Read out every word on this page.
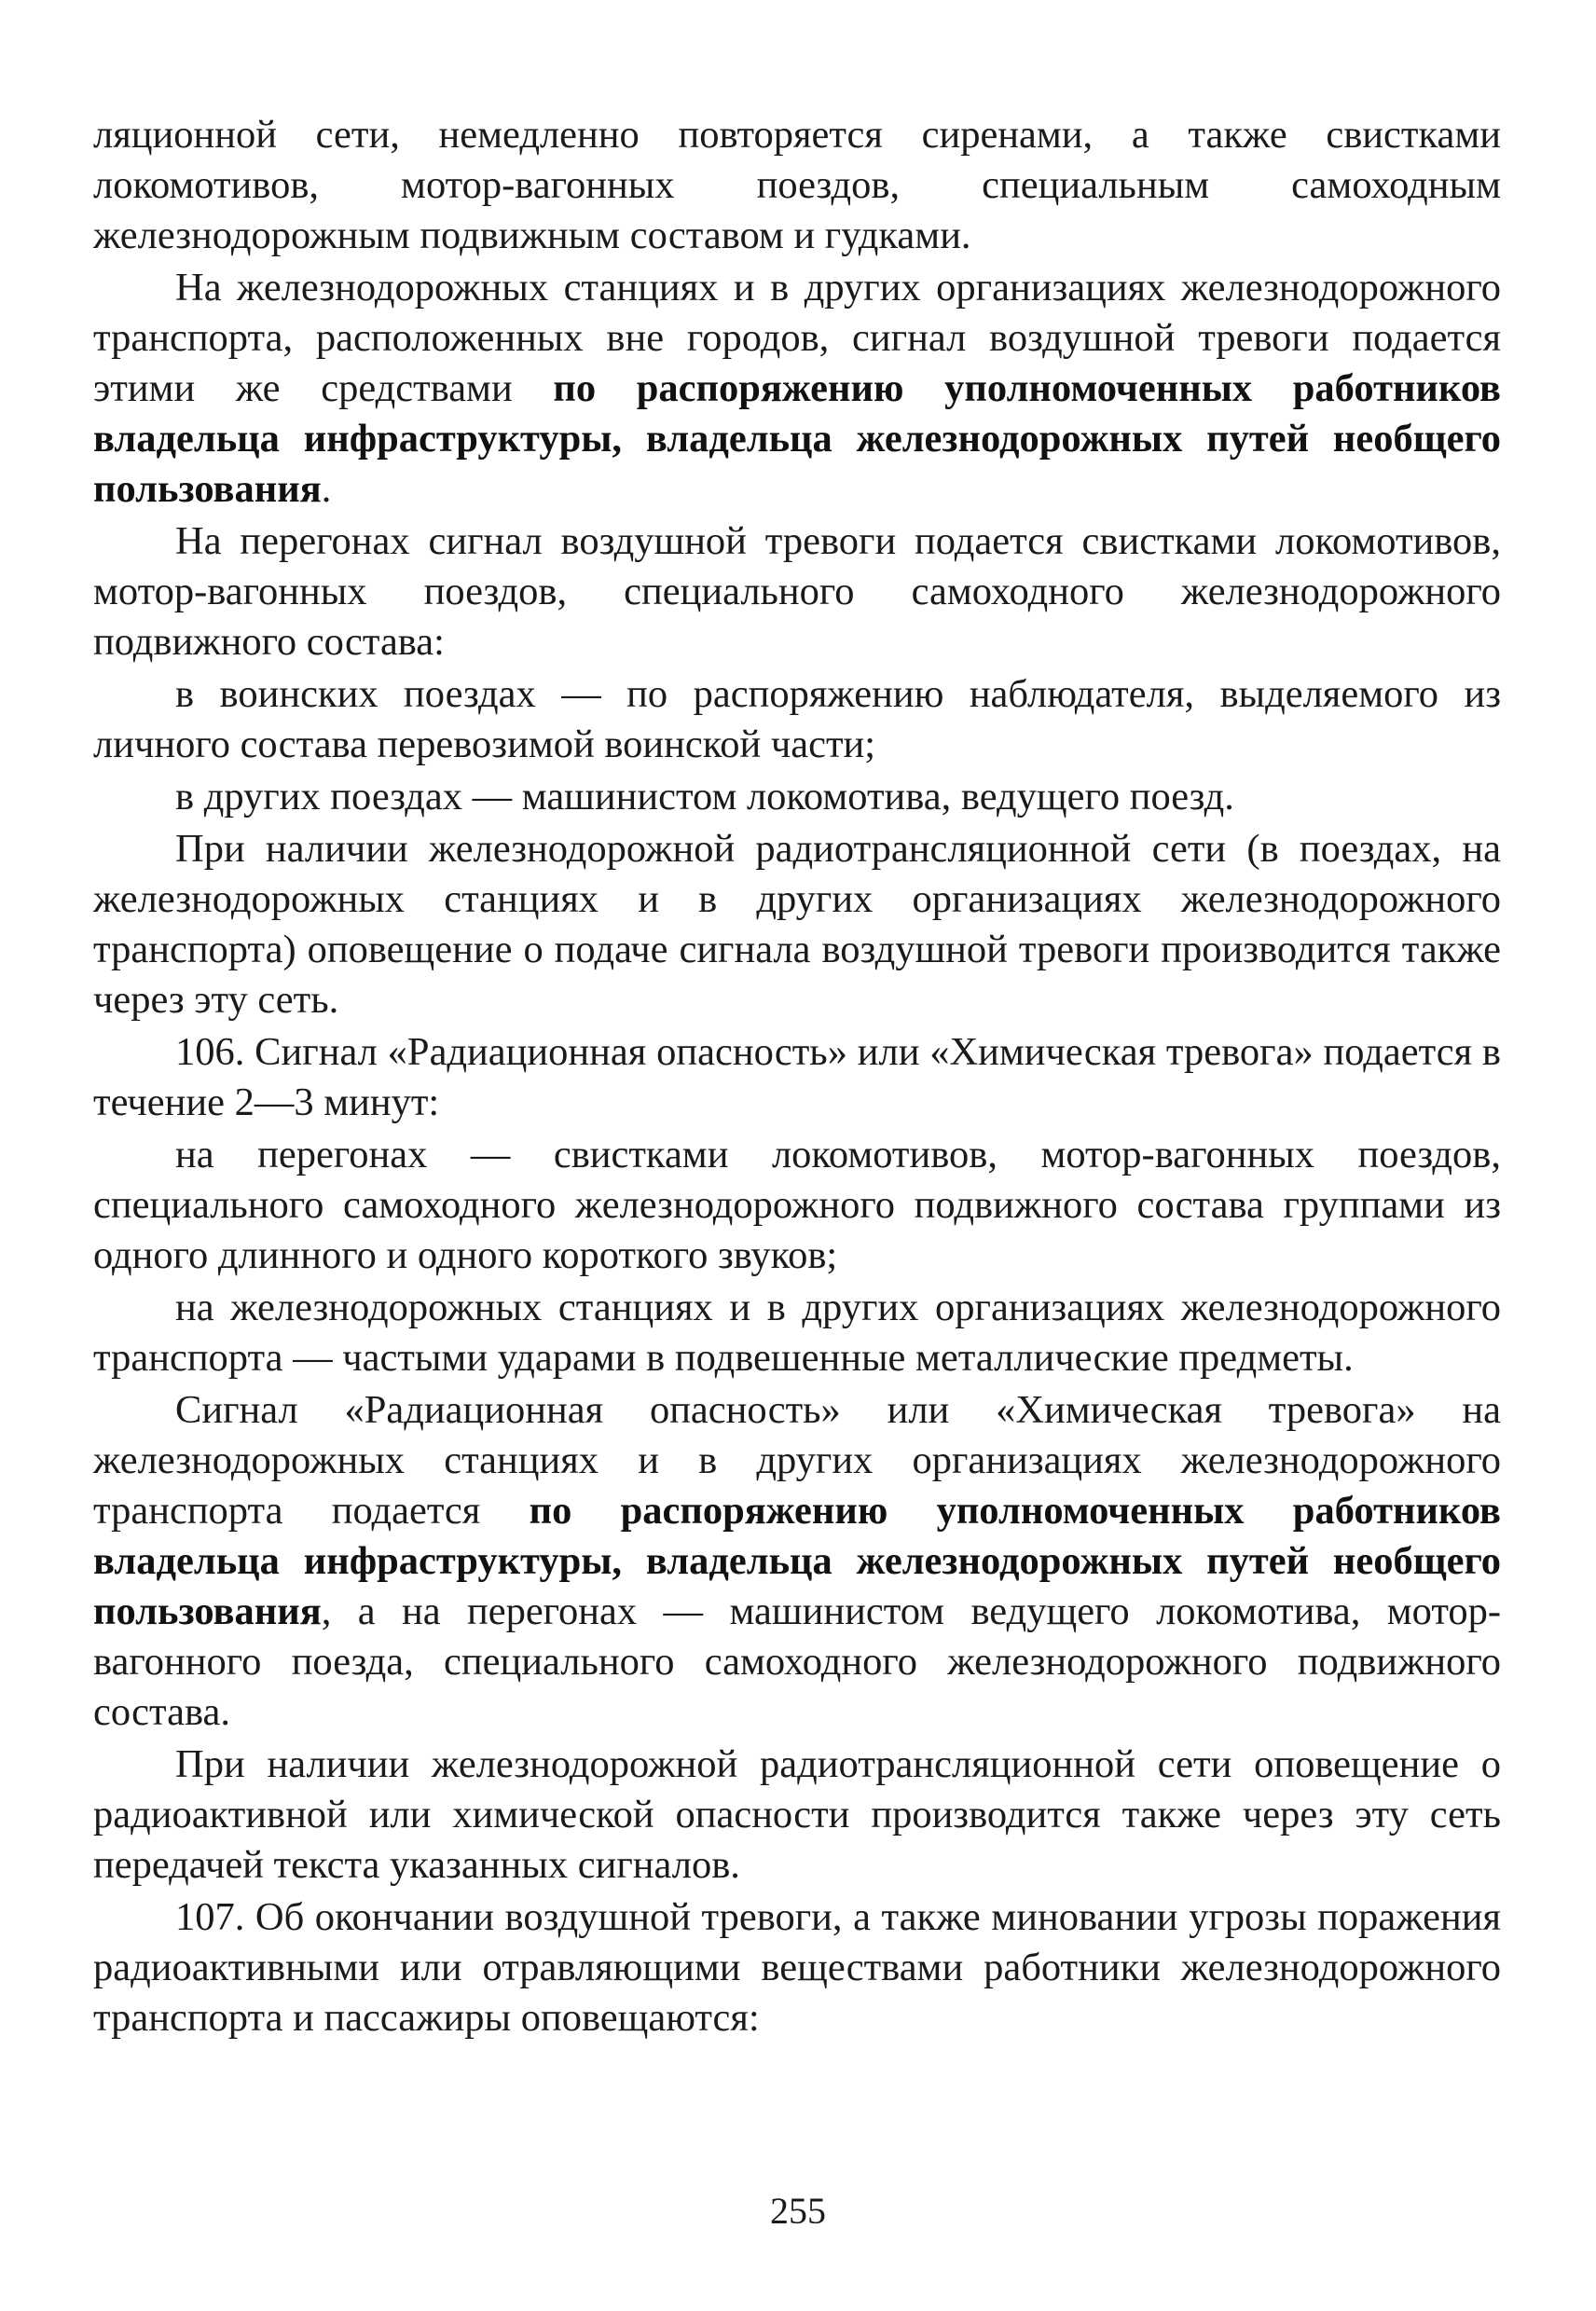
ляционной сети, немедленно повторяется сиренами, а также свистками локомотивов, мотор-вагонных поездов, специальным самоходным железнодорожным подвижным составом и гудками.

На железнодорожных станциях и в других организациях железнодорожного транспорта, расположенных вне городов, сигнал воздушной тревоги подается этими же средствами по распоряжению уполномоченных работников владельца инфраструктуры, владельца железнодорожных путей необщего пользования.

На перегонах сигнал воздушной тревоги подается свистками локомотивов, мотор-вагонных поездов, специального самоходного железнодорожного подвижного состава:

в воинских поездах — по распоряжению наблюдателя, выделяемого из личного состава перевозимой воинской части;

в других поездах — машинистом локомотива, ведущего поезд.

При наличии железнодорожной радиотрансляционной сети (в поездах, на железнодорожных станциях и в других организациях железнодорожного транспорта) оповещение о подаче сигнала воздушной тревоги производится также через эту сеть.

106. Сигнал «Радиационная опасность» или «Химическая тревога» подается в течение 2—3 минут:

на перегонах — свистками локомотивов, мотор-вагонных поездов, специального самоходного железнодорожного подвижного состава группами из одного длинного и одного короткого звуков;

на железнодорожных станциях и в других организациях железнодорожного транспорта — частыми ударами в подвешенные металлические предметы.

Сигнал «Радиационная опасность» или «Химическая тревога» на железнодорожных станциях и в других организациях железнодорожного транспорта подается по распоряжению уполномоченных работников владельца инфраструктуры, владельца железнодорожных путей необщего пользования, а на перегонах — машинистом ведущего локомотива, мотор-вагонного поезда, специального самоходного железнодорожного подвижного состава.

При наличии железнодорожной радиотрансляционной сети оповещение о радиоактивной или химической опасности производится также через эту сеть передачей текста указанных сигналов.

107. Об окончании воздушной тревоги, а также миновании угрозы поражения радиоактивными или отравляющими веществами работники железнодорожного транспорта и пассажиры оповещаются:

255
